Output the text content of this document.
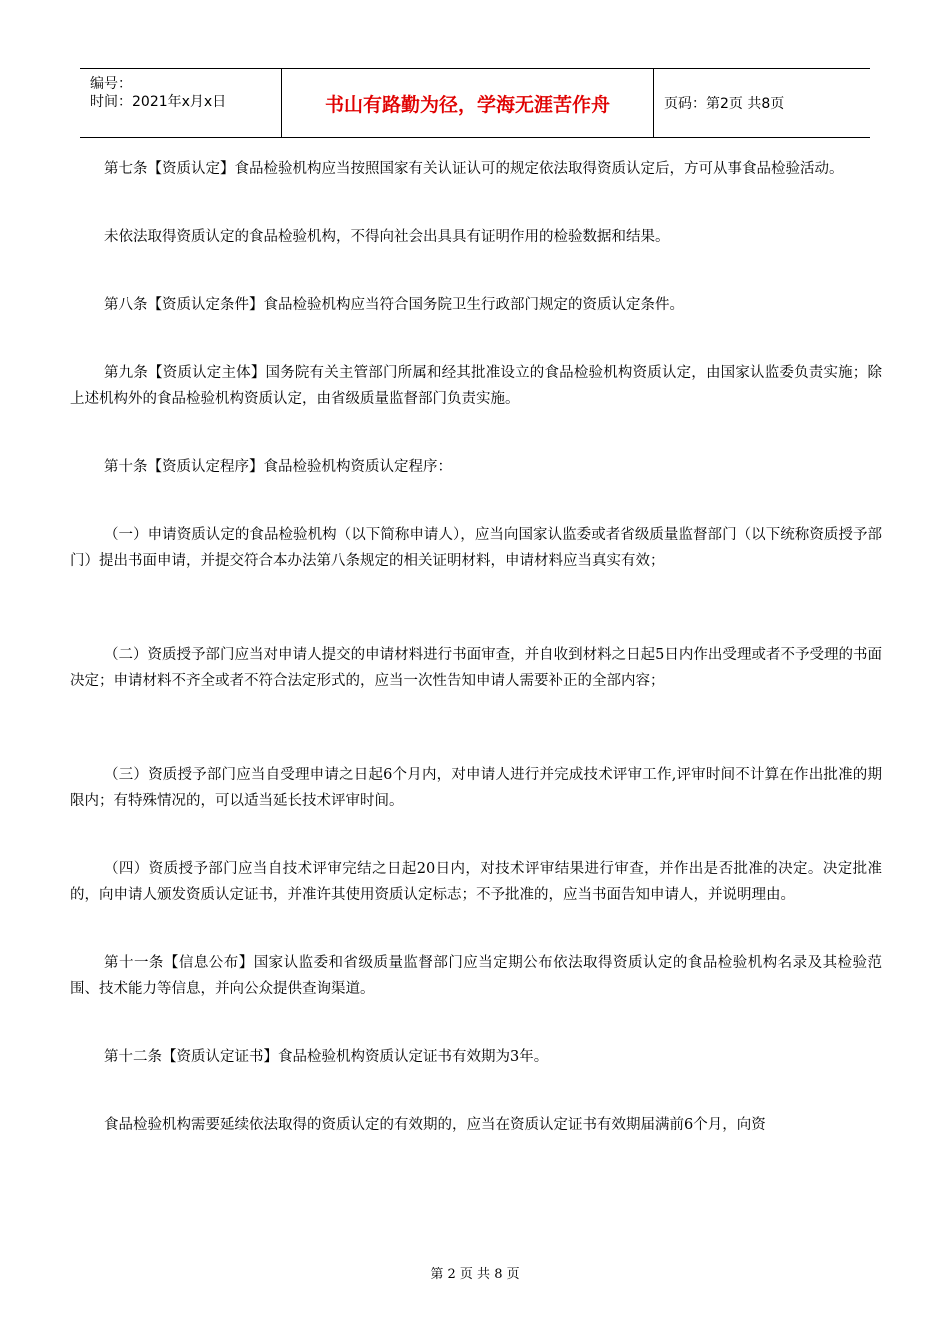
编号：
时间：2021年x月x日	书山有路勤为径，学海无涯苦作舟	页码：第2页 共8页

第七条【资质认定】食品检验机构应当按照国家有关认证认可的规定依法取得资质认定后，方可从事食品检验活动。

未依法取得资质认定的食品检验机构，不得向社会出具具有证明作用的检验数据和结果。

第八条【资质认定条件】食品检验机构应当符合国务院卫生行政部门规定的资质认定条件。

第九条【资质认定主体】国务院有关主管部门所属和经其批准设立的食品检验机构资质认定，由国家认监委负责实施；除上述机构外的食品检验机构资质认定，由省级质量监督部门负责实施。

第十条【资质认定程序】食品检验机构资质认定程序：

（一）申请资质认定的食品检验机构（以下简称申请人），应当向国家认监委或者省级质量监督部门（以下统称资质授予部门）提出书面申请，并提交符合本办法第八条规定的相关证明材料，申请材料应当真实有效；

（二）资质授予部门应当对申请人提交的申请材料进行书面审查，并自收到材料之日起5日内作出受理或者不予受理的书面决定；申请材料不齐全或者不符合法定形式的，应当一次性告知申请人需要补正的全部内容；

（三）资质授予部门应当自受理申请之日起6个月内，对申请人进行并完成技术评审工作,评审时间不计算在作出批准的期限内；有特殊情况的，可以适当延长技术评审时间。

（四）资质授予部门应当自技术评审完结之日起20日内，对技术评审结果进行审查，并作出是否批准的决定。决定批准的，向申请人颁发资质认定证书，并准许其使用资质认定标志；不予批准的，应当书面告知申请人，并说明理由。

第十一条【信息公布】国家认监委和省级质量监督部门应当定期公布依法取得资质认定的食品检验机构名录及其检验范围、技术能力等信息，并向公众提供查询渠道。

第十二条【资质认定证书】食品检验机构资质认定证书有效期为3年。

食品检验机构需要延续依法取得的资质认定的有效期的，应当在资质认定证书有效期届满前6个月，向资

第 2 页 共 8 页
